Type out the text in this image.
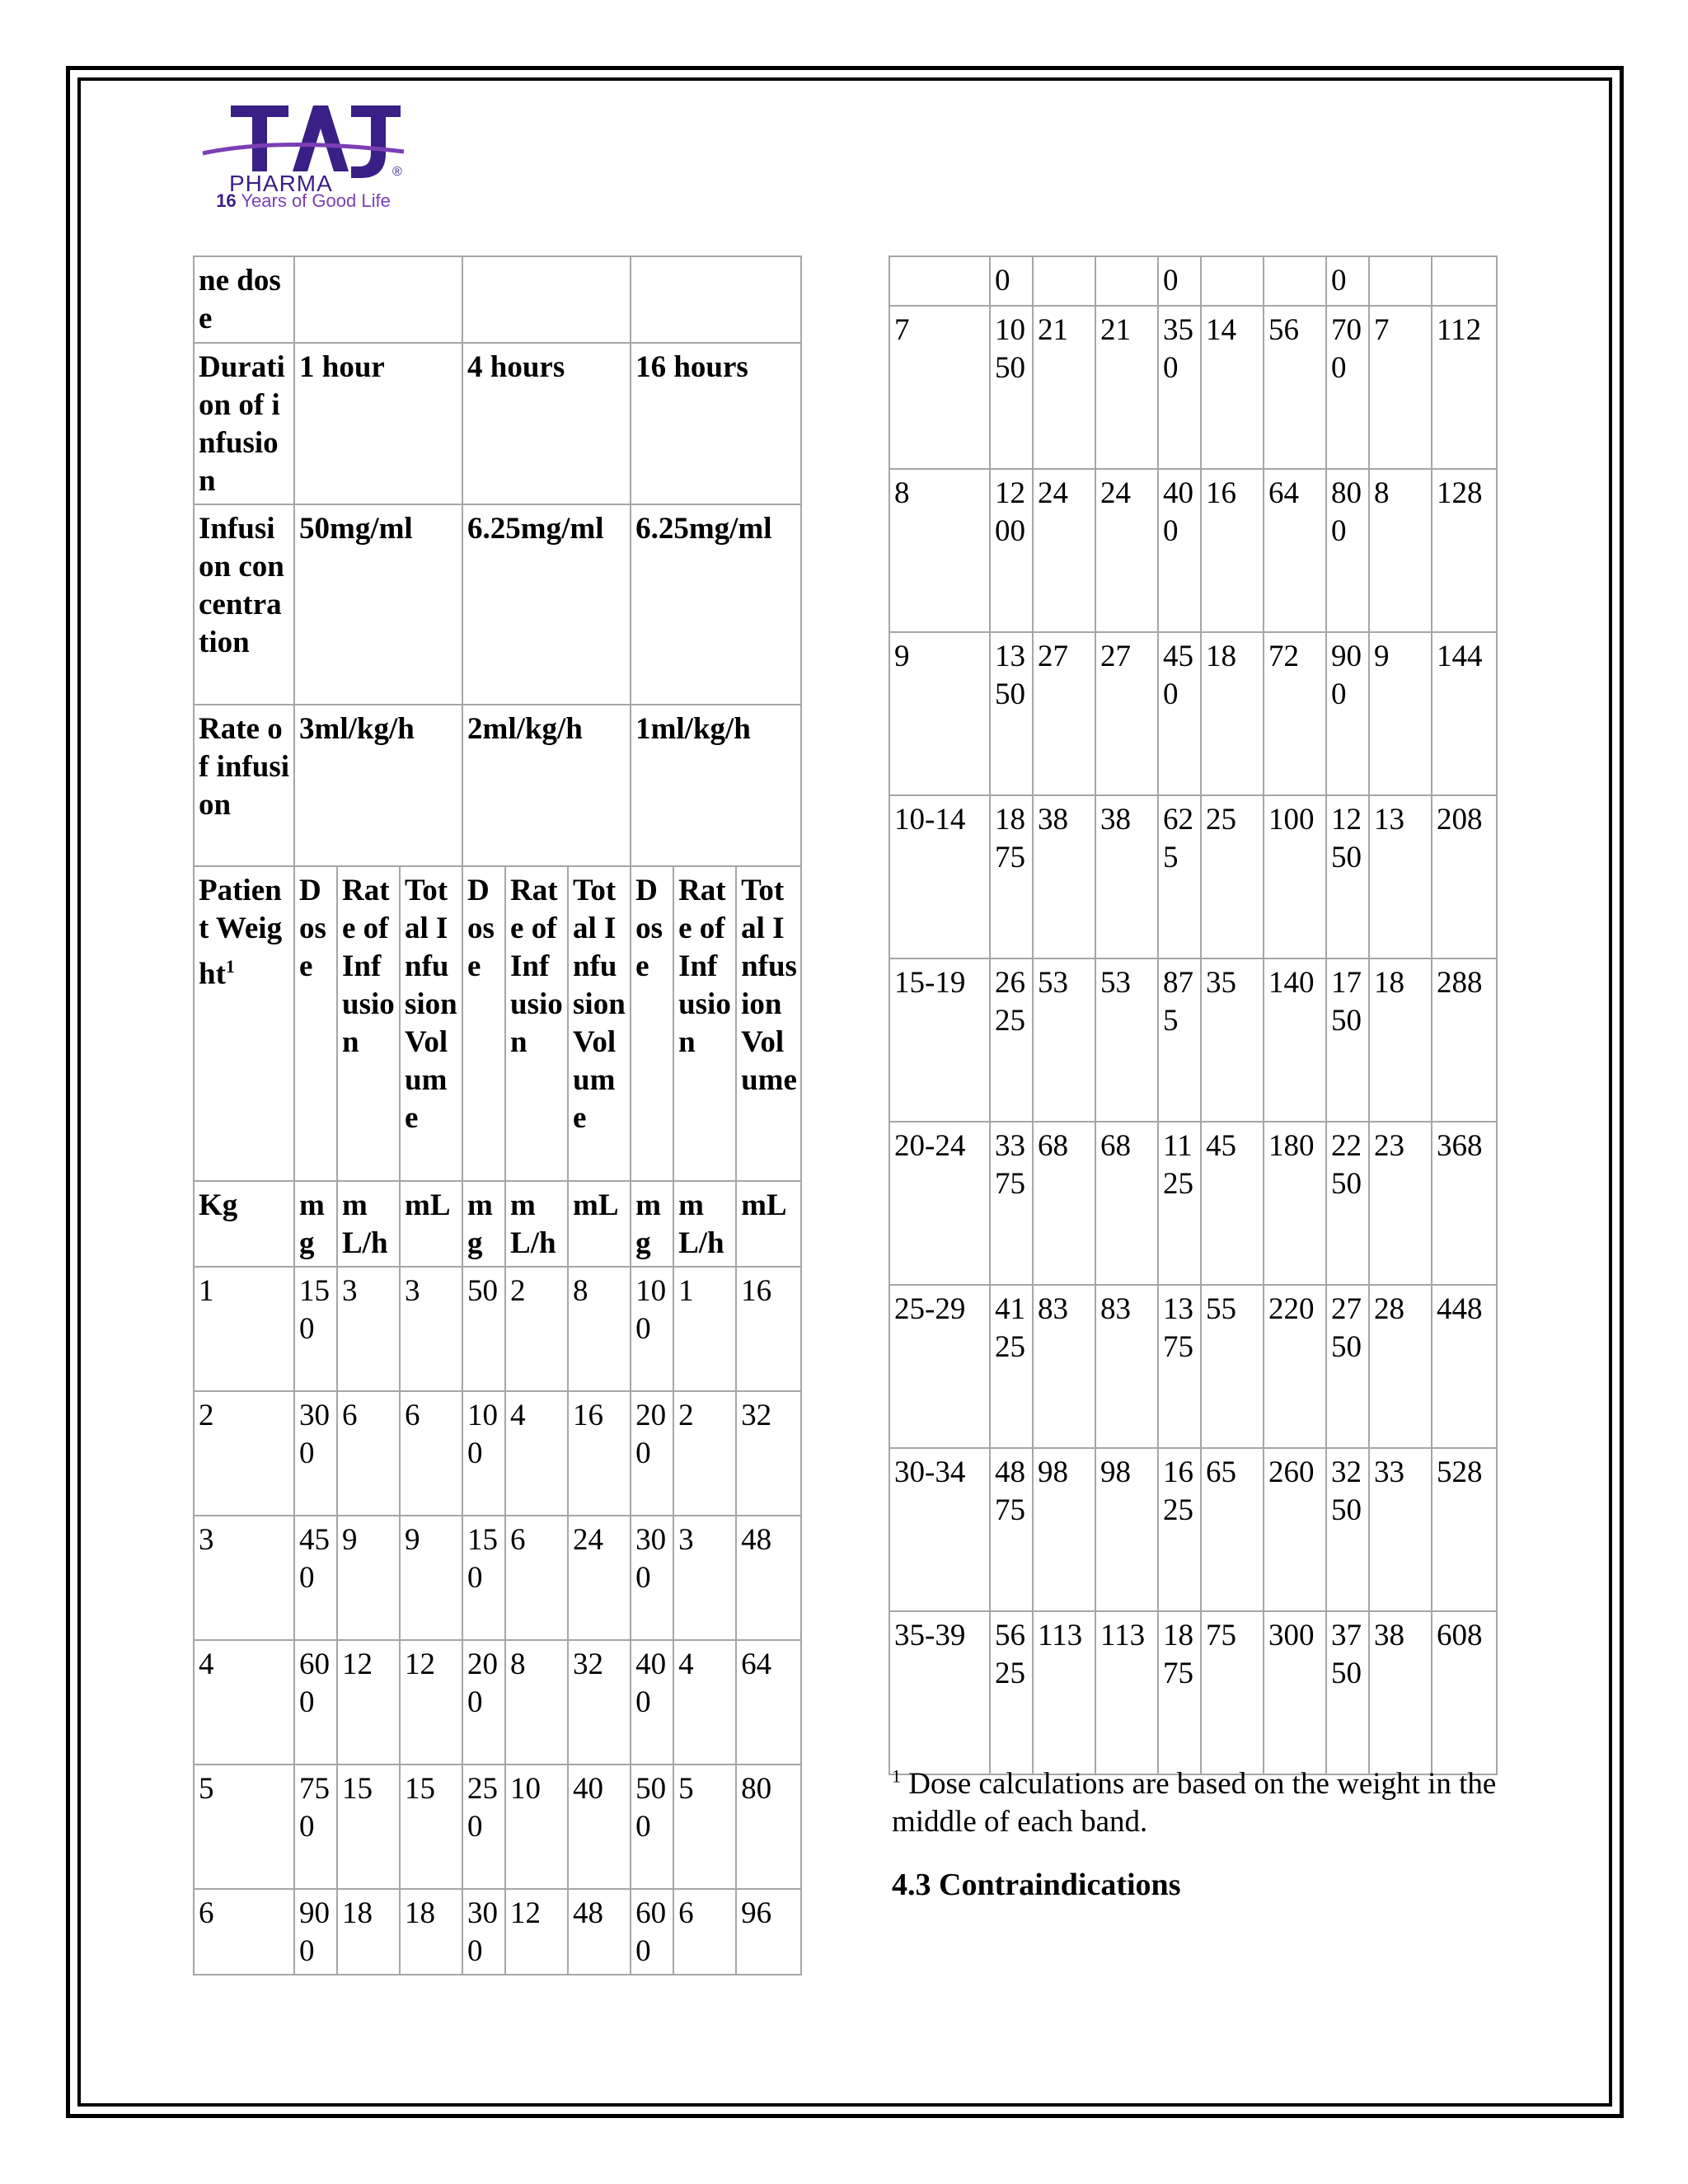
®
PHARMA
16 Years of Good Life
ne dose									
Duration of infusion	1 hour			4 hours			16 hours		
Infusion concentration	50mg/ml			6.25mg/ml			6.25mg/ml		
Rate of infusion	3ml/kg/h			2ml/kg/h			1ml/kg/h		
Patient Weight$^1$	Dose	Rate of Infusion	Total Infusion Volume	Dose	Rate of Infusion	Total Infusion Volume	Dose	Rate of Infusion	Total Infusion Volume
Kg	mg	mL/h	mL	mg	mL/h	mL	mg	mL/h	mL
1	150	3	3	50	2	8	100	1	16
2	300	6	6	100	4	16	200	2	32
3	450	9	9	150	6	24	300	3	48
4	600	12	12	200	8	32	400	4	64
5	750	15	15	250	10	40	500	5	80
6	900	18	18	300	12	48	600	6	96
	0			0			0		
7	1050	21	21	350	14	56	700	7	112
8	1200	24	24	400	16	64	800	8	128
9	1350	27	27	450	18	72	900	9	144
10-14	1875	38	38	625	25	100	1250	13	208
15-19	2625	53	53	875	35	140	1750	18	288
20-24	3375	68	68	1125	45	180	2250	23	368
25-29	4125	83	83	1375	55	220	2750	28	448
30-34	4875	98	98	1625	65	260	3250	33	528
35-39	5625	113	113	1875	75	300	3750	38	608
$^1$ Dose calculations are based on the weight in the middle of each band.
4.3 Contraindications
